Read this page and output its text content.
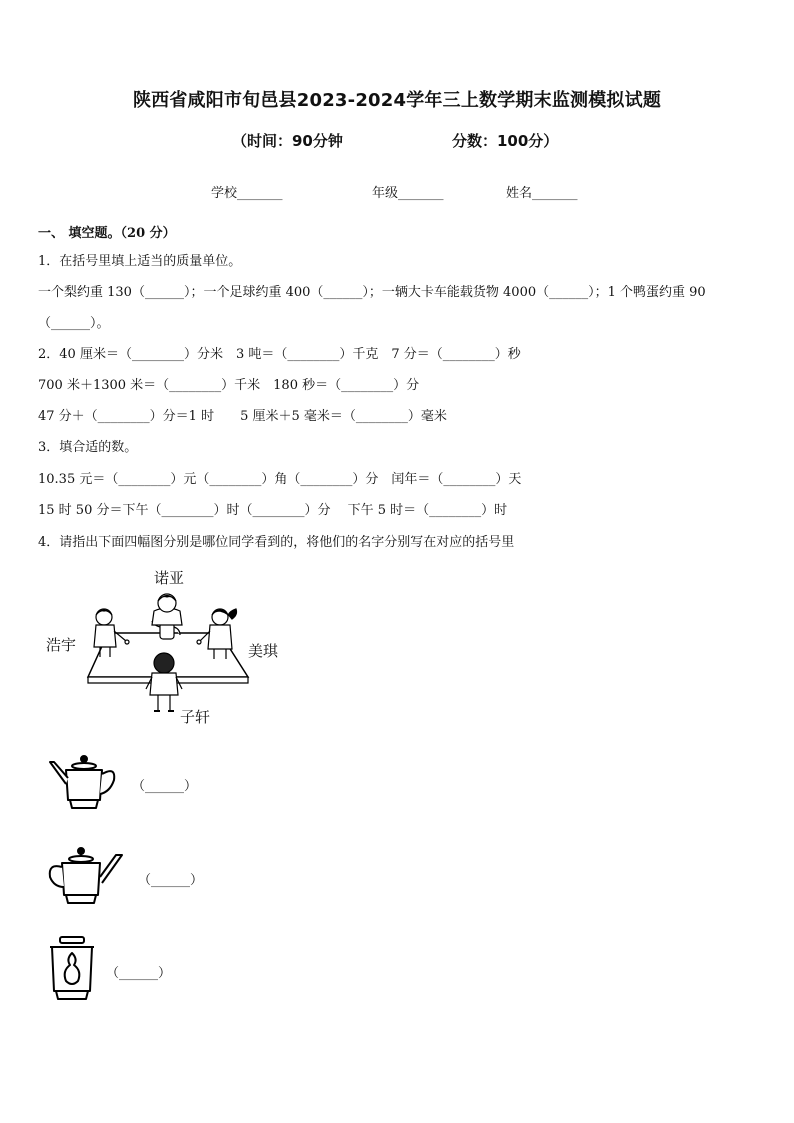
陕西省咸阳市旬邑县2023-2024学年三上数学期末监测模拟试题
（时间：90分钟	分数：100分）
学校_______	年级_______	姓名_______
一、 填空题。（20 分）
1．在括号里填上适当的质量单位。
一个梨约重 130（______）；一个足球约重 400（______）；一辆大卡车能载货物 4000（______）；1 个鸭蛋约重 90
（______）。
2．40 厘米＝（________）分米　3 吨＝（________）千克　7 分＝（________）秒
700 米＋1300 米＝（________）千米　180 秒＝（________）分
47 分＋（________）分＝1 时　　5 厘米＋5 毫米＝（________）毫米
3．填合适的数。
10.35 元＝（________）元（________）角（________）分　闰年＝（________）天
15 时 50 分＝下午（________）时（________）分　 下午 5 时＝（________）时
4．请指出下面四幅图分别是哪位同学看到的，将他们的名字分别写在对应的括号里
诺亚
浩宇	美琪
子轩
（______）
（______）
（______）
